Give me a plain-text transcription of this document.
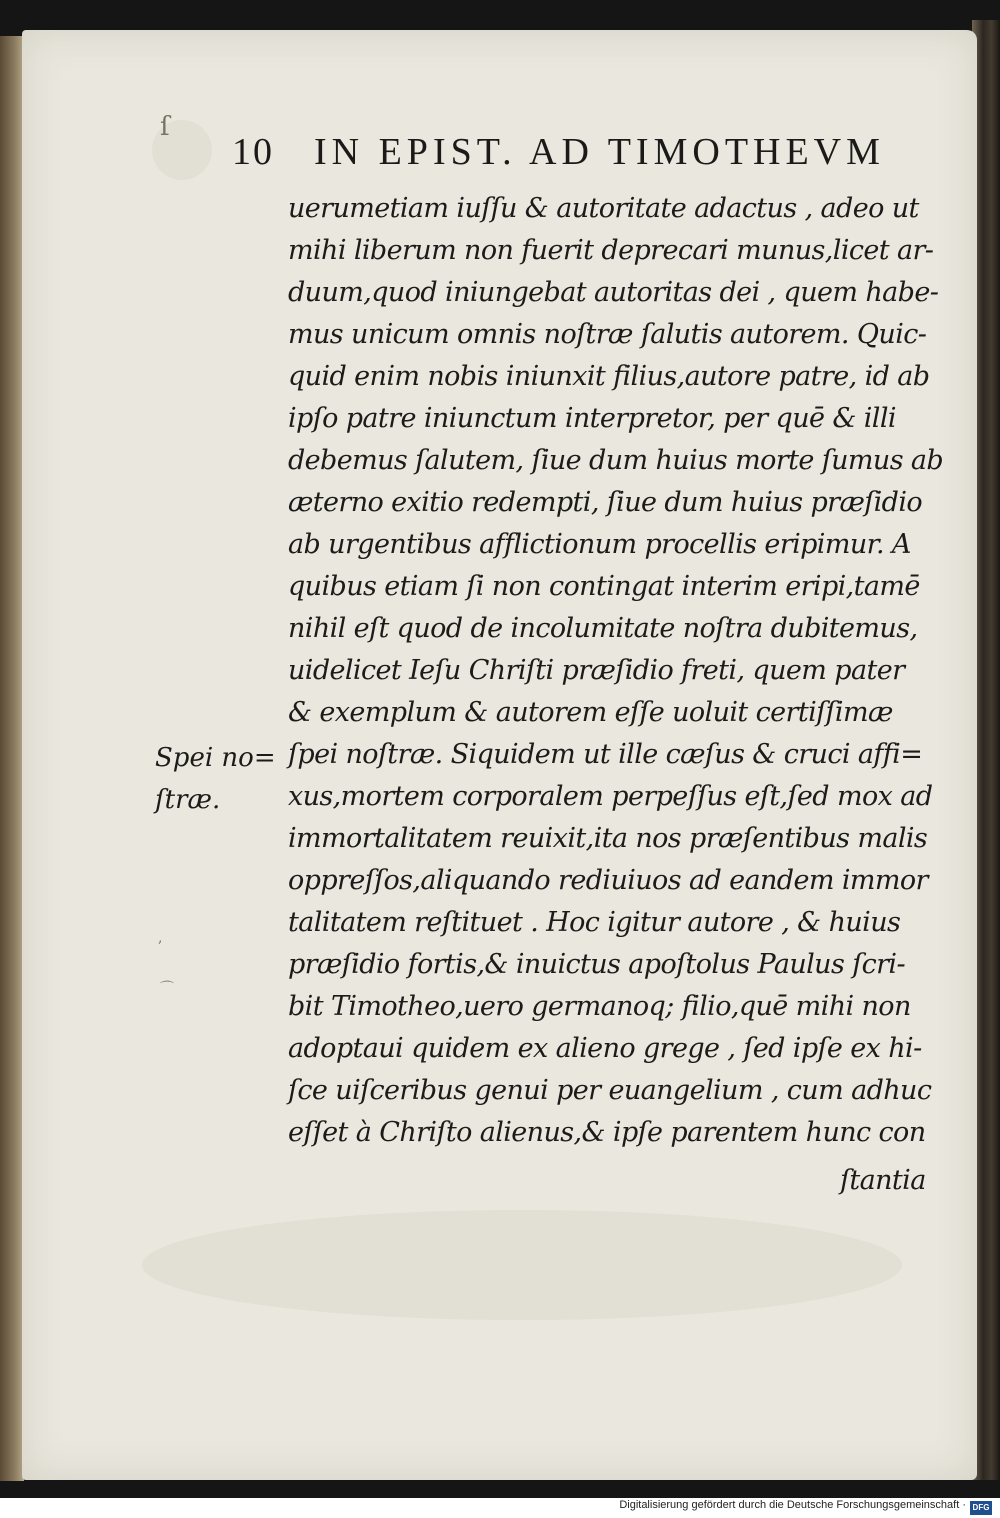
ſ
,
⌒
10 IN EPIST. AD TIMOTHEVM
uerumetiam iuſſu & autoritate adactus , adeo ut
mihi liberum non fuerit deprecari munus,licet ar-
duum,quod iniungebat autoritas dei , quem habe-
mus unicum omnis noſtræ ſalutis autorem. Quic-
quid enim nobis iniunxit filius,autore patre, id ab
ipſo patre iniunctum interpretor, per quē & illi
debemus ſalutem, ſiue dum huius morte ſumus ab
æterno exitio redempti, ſiue dum huius præſidio
ab urgentibus afflictionum procellis eripimur. A
quibus etiam ſi non contingat interim eripi,tamē
nihil eſt quod de incolumitate noſtra dubitemus,
uidelicet Ieſu Chriſti præſidio freti, quem pater
& exemplum & autorem eſſe uoluit certiſſimæ
ſpei noſtræ. Siquidem ut ille cæſus & cruci affi=
xus,mortem corporalem perpeſſus eſt,ſed mox ad
immortalitatem reuixit,ita nos præſentibus malis
oppreſſos,aliquando rediuiuos ad eandem immor
talitatem reſtituet . Hoc igitur autore , & huius
præſidio fortis,& inuictus apoſtolus Paulus ſcri-
bit Timotheo,uero germanoq; filio,quē mihi non
adoptaui quidem ex alieno grege , ſed ipſe ex hi-
ſce uiſceribus genui per euangelium , cum adhuc
eſſet à Chriſto alienus,& ipſe parentem hunc con
ſtantia
Spei no=
ſtræ.
Digitalisierung gefördert durch die Deutsche Forschungsgemeinschaft · DFG
